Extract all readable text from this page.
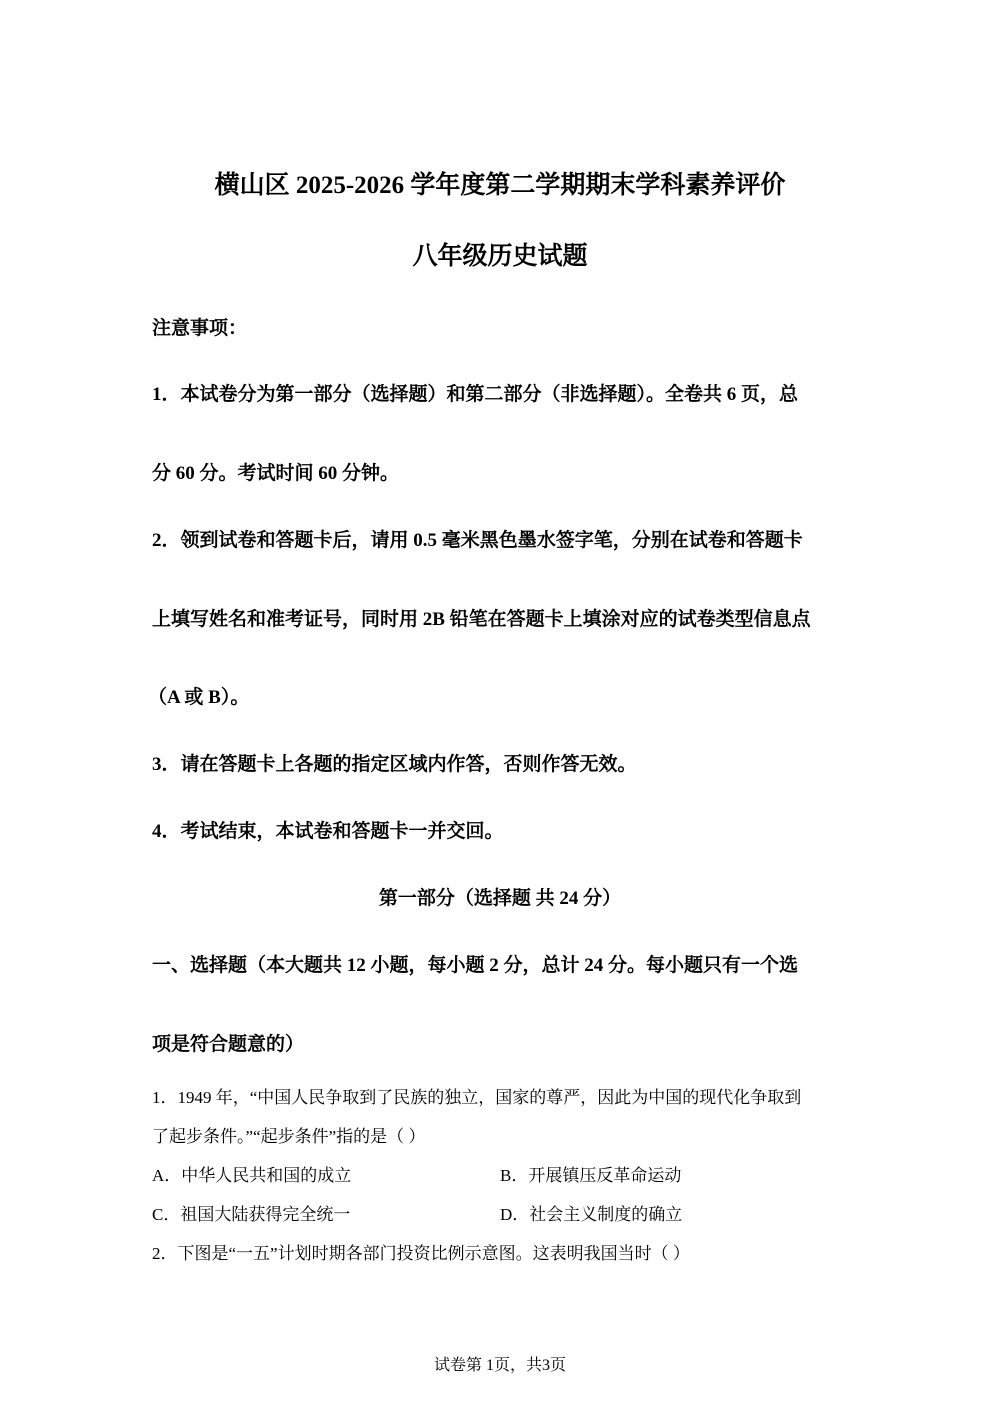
横山区 2025-2026 学年度第二学期期末学科素养评价
八年级历史试题
注意事项：
1．本试卷分为第一部分（选择题）和第二部分（非选择题）。全卷共 6 页，总
分 60 分。考试时间 60 分钟。
2．领到试卷和答题卡后，请用 0.5 毫米黑色墨水签字笔，分别在试卷和答题卡
上填写姓名和准考证号，同时用 2B 铅笔在答题卡上填涂对应的试卷类型信息点
（A 或 B）。
3．请在答题卡上各题的指定区域内作答，否则作答无效。
4．考试结束，本试卷和答题卡一并交回。
第一部分（选择题 共 24 分）
一、选择题（本大题共 12 小题，每小题 2 分，总计 24 分。每小题只有一个选
项是符合题意的）
1．1949 年，“中国人民争取到了民族的独立，国家的尊严，因此为中国的现代化争取到
了起步条件。”“起步条件”指的是（ ）
A．中华人民共和国的成立	B．开展镇压反革命运动
C．祖国大陆获得完全统一	D．社会主义制度的确立
2．下图是“一五”计划时期各部门投资比例示意图。这表明我国当时（ ）
试卷第 1页，共3页
